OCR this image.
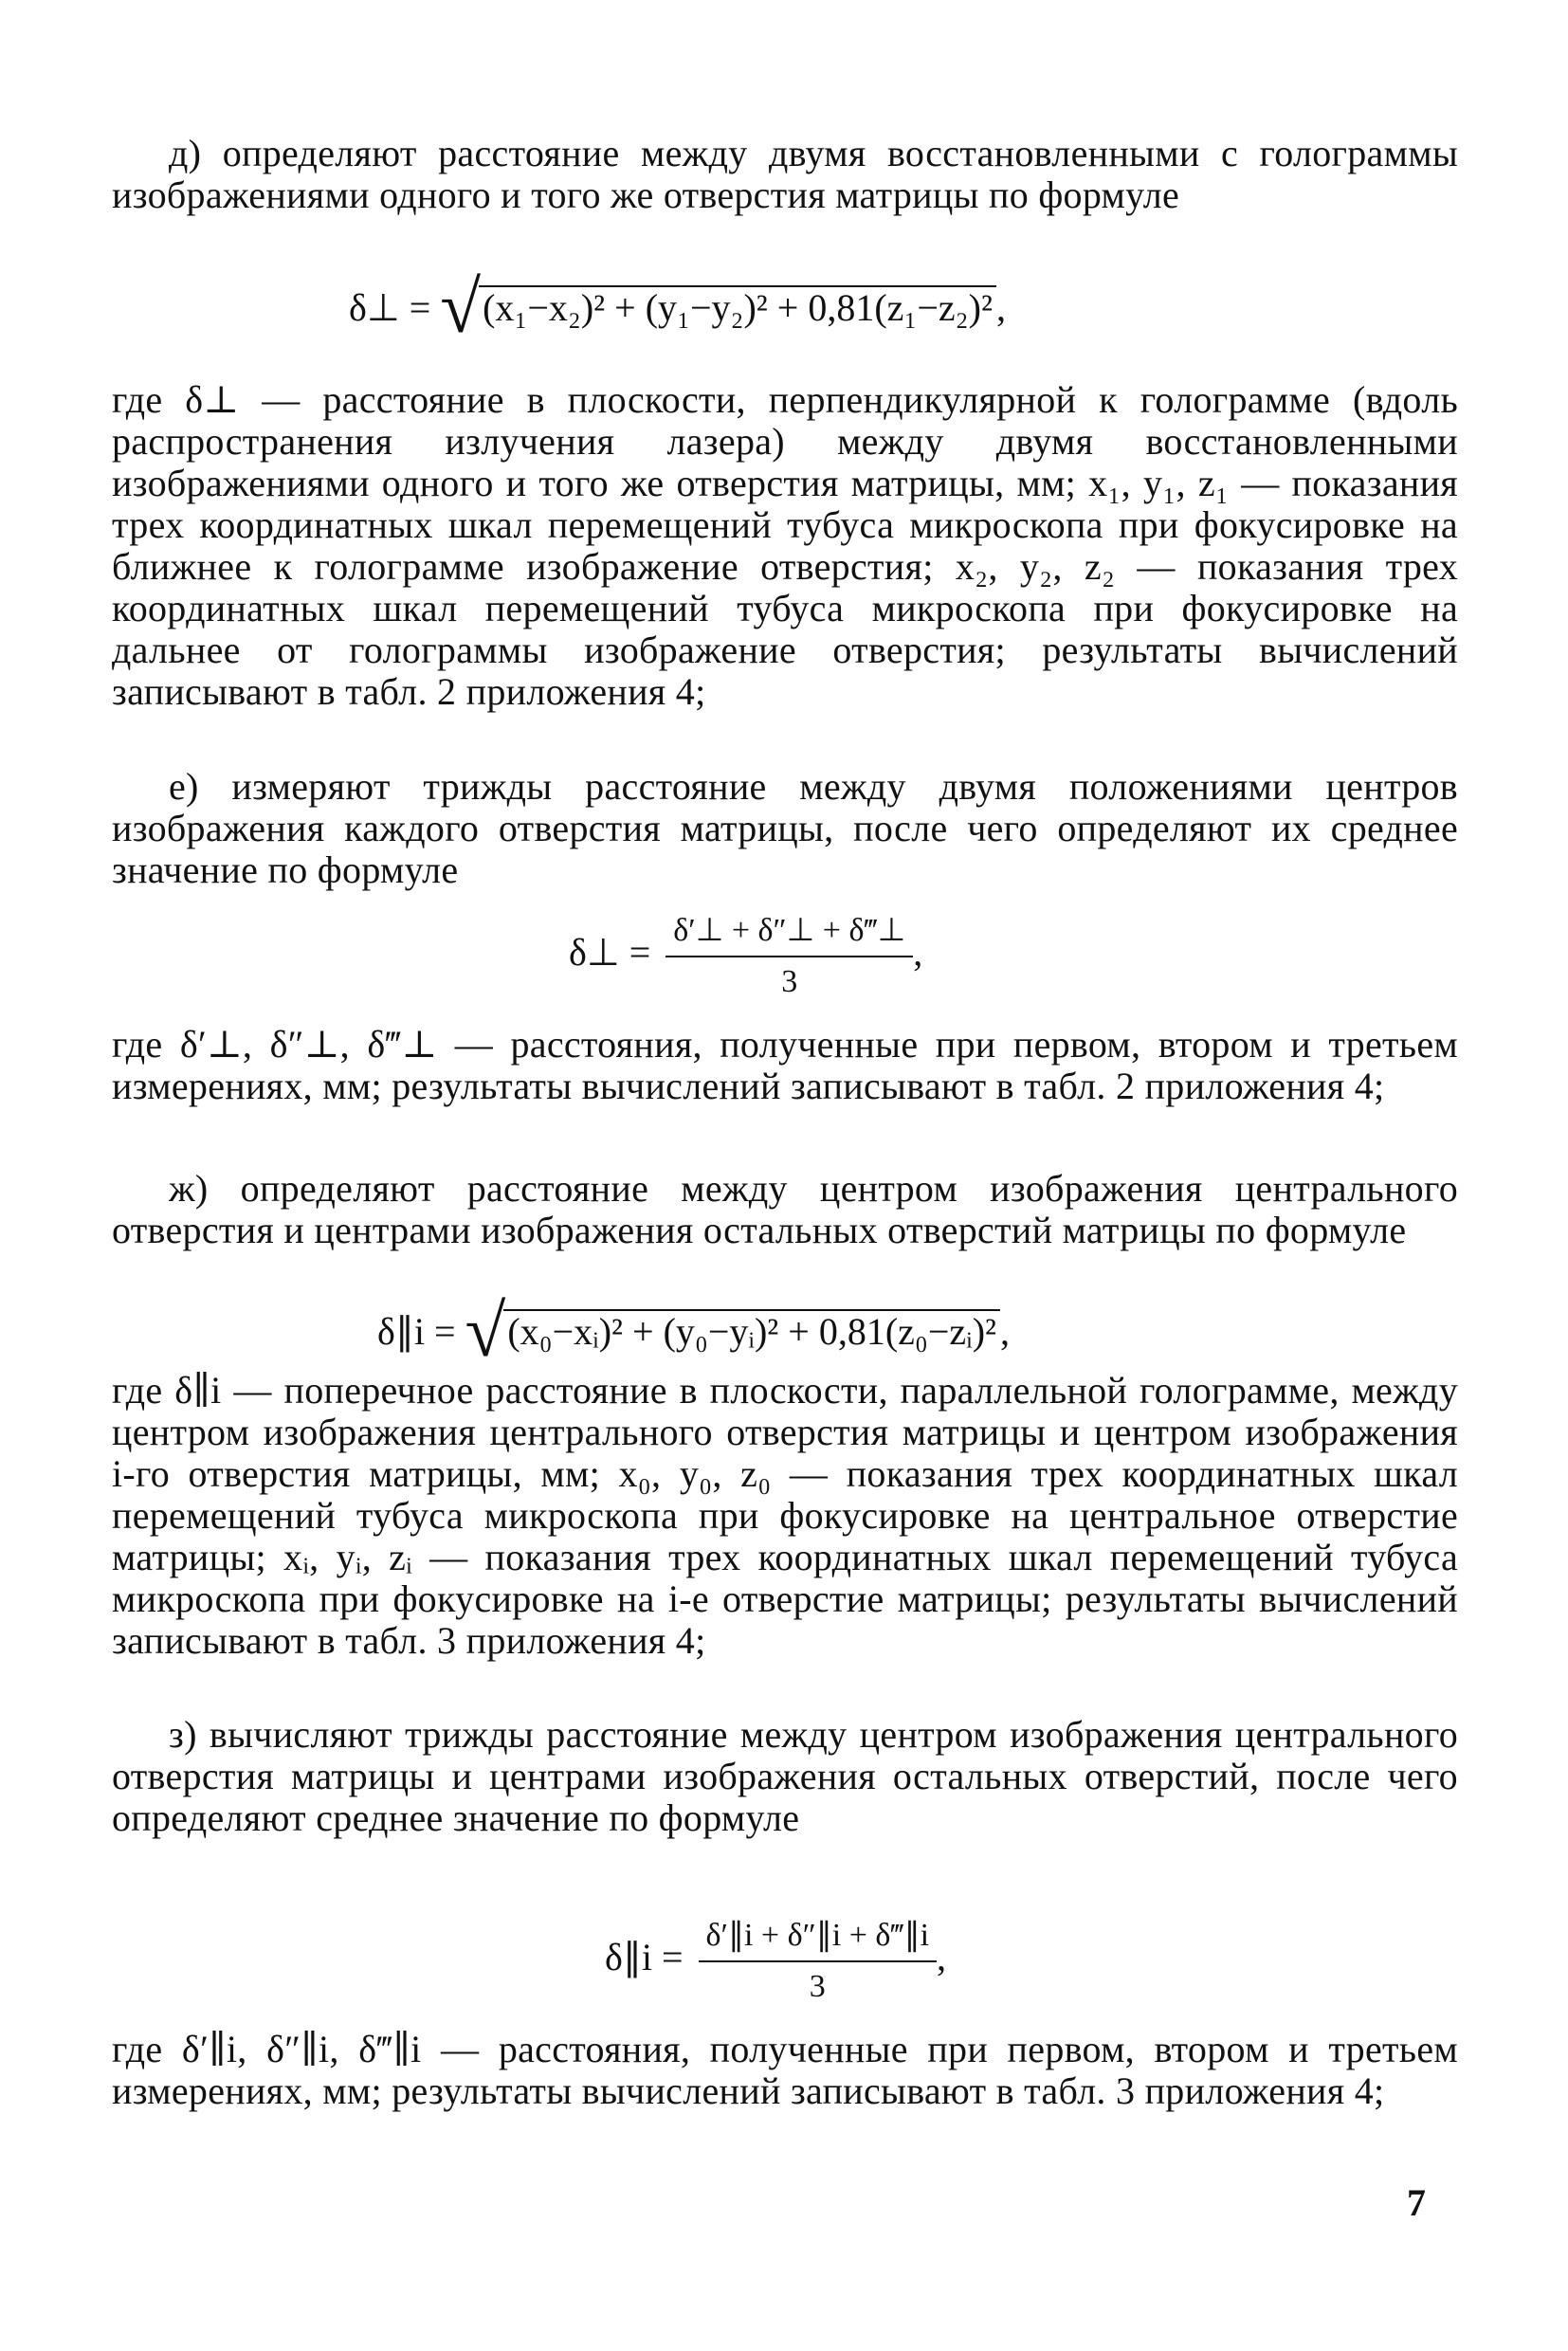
д) определяют расстояние между двумя восстановленными с голограммы изображениями одного и того же отверстия матрицы по формуле

δ⊥ = √(x₁−x₂)² + (y₁−y₂)² + 0,81(z₁−z₂)² ,

где δ⊥ — расстояние в плоскости, перпендикулярной к голограмме (вдоль распространения излучения лазера) между двумя восстановленными изображениями одного и того же отверстия матрицы, мм; x₁, y₁, z₁ — показания трех координатных шкал перемещений тубуса микроскопа при фокусировке на ближнее к голограмме изображение отверстия; x₂, y₂, z₂ — показания трех координатных шкал перемещений тубуса микроскопа при фокусировке на дальнее от голограммы изображение отверстия; результаты вычислений записывают в табл. 2 приложения 4;

е) измеряют трижды расстояние между двумя положениями центров изображения каждого отверстия матрицы, после чего определяют их среднее значение по формуле

δ⊥ = $\frac{\delta'\perp + \delta''\perp + \delta‴\perp}{3}$ ,

где δ′⊥, δ″⊥, δ‴⊥ — расстояния, полученные при первом, втором и третьем измерениях, мм; результаты вычислений записывают в табл. 2 приложения 4;

ж) определяют расстояние между центром изображения центрального отверстия и центрами изображения остальных отверстий матрицы по формуле

δ∥i = √(x₀−xᵢ)² + (y₀−yᵢ)² + 0,81(z₀−zᵢ)² ,

где δ∥i — поперечное расстояние в плоскости, параллельной голограмме, между центром изображения центрального отверстия матрицы и центром изображения i-го отверстия матрицы, мм; x₀, y₀, z₀ — показания трех координатных шкал перемещений тубуса микроскопа при фокусировке на центральное отверстие матрицы; xᵢ, yᵢ, zᵢ — показания трех координатных шкал перемещений тубуса микроскопа при фокусировке на i-е отверстие матрицы; результаты вычислений записывают в табл. 3 приложения 4;

з) вычисляют трижды расстояние между центром изображения центрального отверстия матрицы и центрами изображения остальных отверстий, после чего определяют среднее значение по формуле

δ∥i = $\frac{\delta'\parallel i + \delta''\parallel i + \delta‴\parallel i}{3}$ ,

где δ′∥i, δ″∥i, δ‴∥i — расстояния, полученные при первом, втором и третьем измерениях, мм; результаты вычислений записывают в табл. 3 приложения 4;

7
